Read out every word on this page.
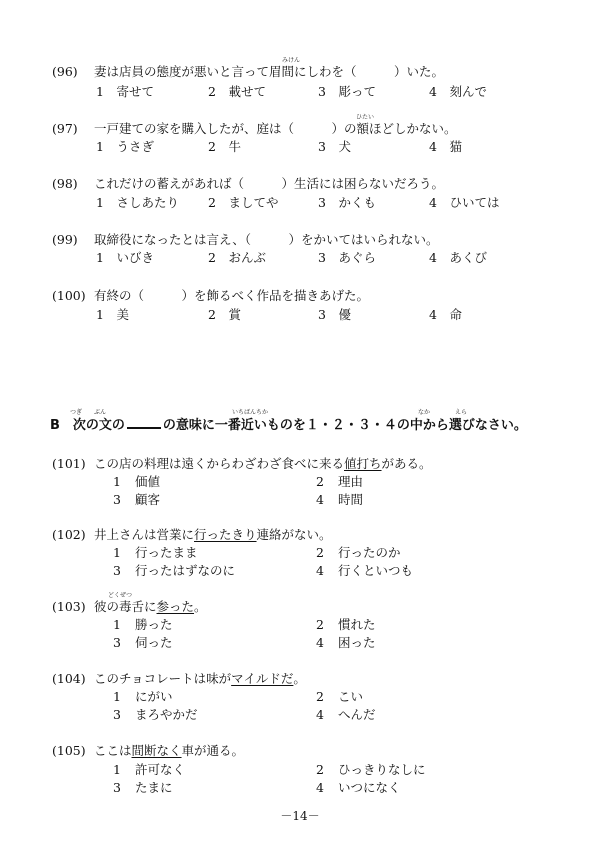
みけん
(96) 妻は店員の態度が悪いと言って眉間にしわを（　　　）いた。
1　寄せて	2　載せて	3　彫って	4　刻んで
ひたい
(97) 一戸建ての家を購入したが、庭は（　　　）の額ほどしかない。
1　うさぎ	2　牛	3　犬	4　猫
(98) これだけの蓄えがあれば（　　　）生活には困らないだろう。
1　さしあたり 2　ましてや	3　かくも	4　ひいては
(99) 取締役になったとは言え、（　　　）をかいてはいられない。
1　いびき	2　おんぶ	3　あぐら	4　あくび
(100) 有終の（　　　）を飾るべく作品を描きあげた。
1　美	2　賞	3　優	4　命
つぎ ぶん	いちばんちか	なか	えら
B　次の文の	の意味に一番近いものを１・２・３・４の中から選びなさい。
(101) この店の料理は遠くからわざわざ食べに来る値打ちがある。
1 価値	2 理由
3 顧客	4 時間
(102) 井上さんは営業に行ったきり連絡がない。
1 行ったまま	2 行ったのか
3 行ったはずなのに	4 行くといつも
どくぜつ
(103) 彼の毒舌に参った。
1 勝った	2 慣れた
3 伺った	4 困った
(104) このチョコレートは味がマイルドだ。
1 にがい	2 こい
3 まろやかだ	4 へんだ
(105) ここは間断なく車が通る。
1 許可なく	2 ひっきりなしに
3 たまに	4 いつになく
－14－
